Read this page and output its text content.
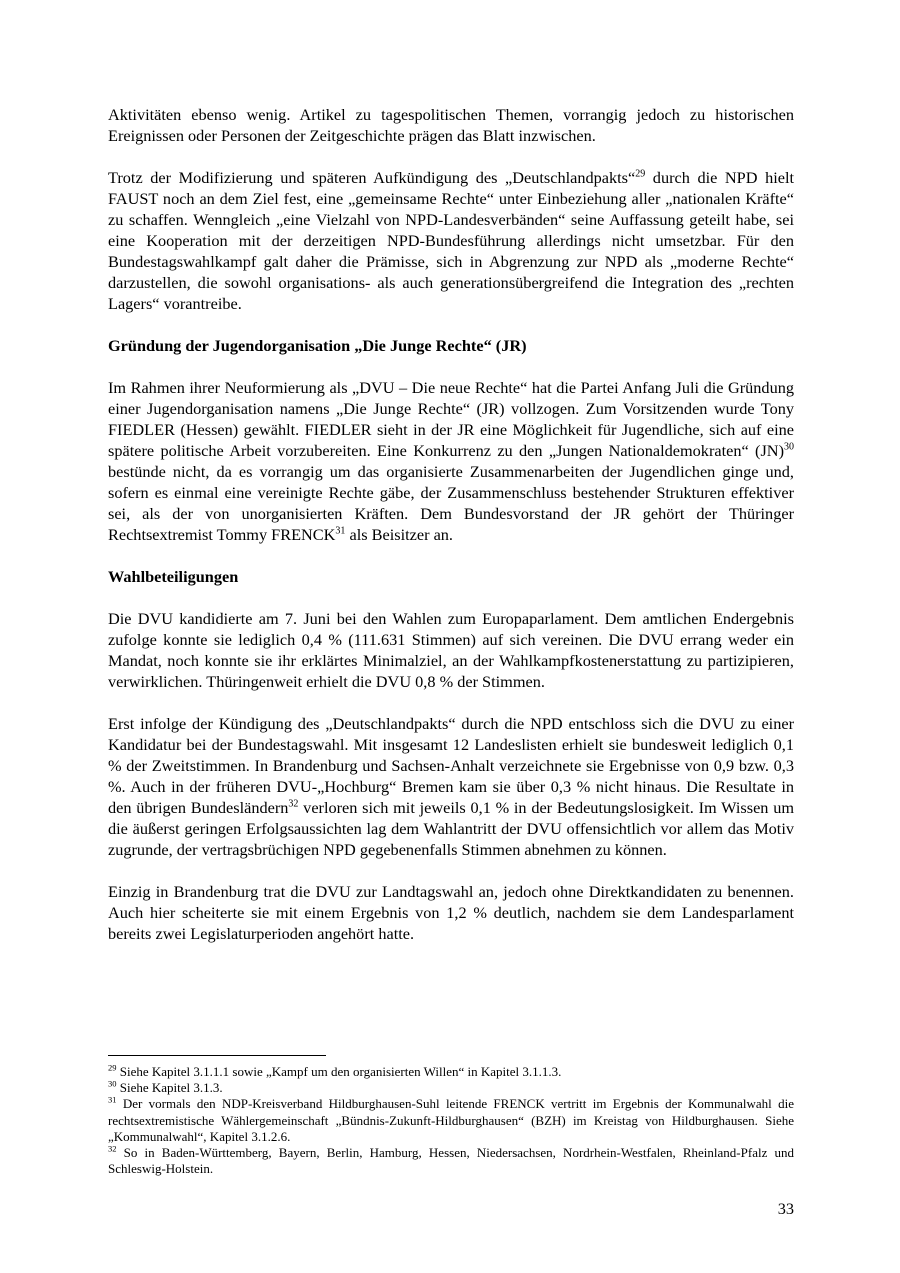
Aktivitäten ebenso wenig. Artikel zu tagespolitischen Themen, vorrangig jedoch zu historischen Ereignissen oder Personen der Zeitgeschichte prägen das Blatt inzwischen.

Trotz der Modifizierung und späteren Aufkündigung des „Deutschlandpakts“$^{29}$ durch die NPD hielt FAUST noch an dem Ziel fest, eine „gemeinsame Rechte“ unter Einbeziehung aller „nationalen Kräfte“ zu schaffen. Wenngleich „eine Vielzahl von NPD-Landesverbänden“ seine Auffassung geteilt habe, sei eine Kooperation mit der derzeitigen NPD-Bundesführung allerdings nicht umsetzbar. Für den Bundestagswahlkampf galt daher die Prämisse, sich in Abgrenzung zur NPD als „moderne Rechte“ darzustellen, die sowohl organisations- als auch generationsübergreifend die Integration des „rechten Lagers“ vorantreibe.

Gründung der Jugendorganisation „Die Junge Rechte“ (JR)

Im Rahmen ihrer Neuformierung als „DVU – Die neue Rechte“ hat die Partei Anfang Juli die Gründung einer Jugendorganisation namens „Die Junge Rechte“ (JR) vollzogen. Zum Vorsitzenden wurde Tony FIEDLER (Hessen) gewählt. FIEDLER sieht in der JR eine Möglichkeit für Jugendliche, sich auf eine spätere politische Arbeit vorzubereiten. Eine Konkurrenz zu den „Jungen Nationaldemokraten“ (JN)$^{30}$ bestünde nicht, da es vorrangig um das organisierte Zusammenarbeiten der Jugendlichen ginge und, sofern es einmal eine vereinigte Rechte gäbe, der Zusammenschluss bestehender Strukturen effektiver sei, als der von unorganisierten Kräften. Dem Bundesvorstand der JR gehört der Thüringer Rechtsextremist Tommy FRENCK$^{31}$ als Beisitzer an.

Wahlbeteiligungen

Die DVU kandidierte am 7. Juni bei den Wahlen zum Europaparlament. Dem amtlichen Endergebnis zufolge konnte sie lediglich 0,4 % (111.631 Stimmen) auf sich vereinen. Die DVU errang weder ein Mandat, noch konnte sie ihr erklärtes Minimalziel, an der Wahlkampfkostenerstattung zu partizipieren, verwirklichen. Thüringenweit erhielt die DVU 0,8 % der Stimmen.

Erst infolge der Kündigung des „Deutschlandpakts“ durch die NPD entschloss sich die DVU zu einer Kandidatur bei der Bundestagswahl. Mit insgesamt 12 Landeslisten erhielt sie bundesweit lediglich 0,1 % der Zweitstimmen. In Brandenburg und Sachsen-Anhalt verzeichnete sie Ergebnisse von 0,9 bzw. 0,3 %. Auch in der früheren DVU-„Hochburg“ Bremen kam sie über 0,3 % nicht hinaus. Die Resultate in den übrigen Bundesländern$^{32}$ verloren sich mit jeweils 0,1 % in der Bedeutungslosigkeit. Im Wissen um die äußerst geringen Erfolgsaussichten lag dem Wahlantritt der DVU offensichtlich vor allem das Motiv zugrunde, der vertragsbrüchigen NPD gegebenenfalls Stimmen abnehmen zu können.

Einzig in Brandenburg trat die DVU zur Landtagswahl an, jedoch ohne Direktkandidaten zu benennen. Auch hier scheiterte sie mit einem Ergebnis von 1,2 % deutlich, nachdem sie dem Landesparlament bereits zwei Legislaturperioden angehört hatte.

$^{29}$ Siehe Kapitel 3.1.1.1 sowie „Kampf um den organisierten Willen“ in Kapitel 3.1.1.3.

$^{30}$ Siehe Kapitel 3.1.3.

$^{31}$ Der vormals den NDP-Kreisverband Hildburghausen-Suhl leitende FRENCK vertritt im Ergebnis der Kommunalwahl die rechtsextremistische Wählergemeinschaft „Bündnis-Zukunft-Hildburghausen“ (BZH) im Kreistag von Hildburghausen. Siehe „Kommunalwahl“, Kapitel 3.1.2.6.

$^{32}$ So in Baden-Württemberg, Bayern, Berlin, Hamburg, Hessen, Niedersachsen, Nordrhein-Westfalen, Rheinland-Pfalz und Schleswig-Holstein.

33
